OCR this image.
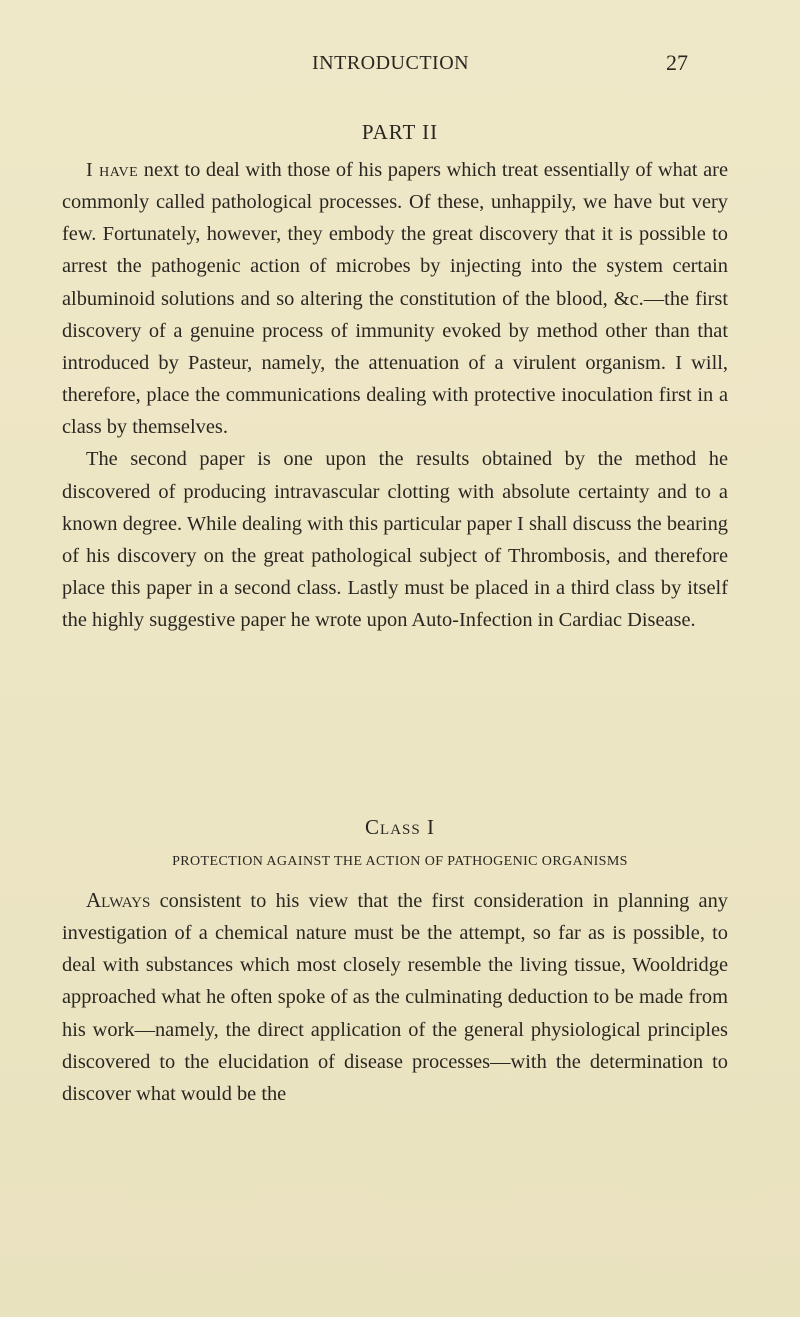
INTRODUCTION	27
PART II

I have next to deal with those of his papers which treat essentially of what are commonly called pathological processes. Of these, unhappily, we have but very few. Fortunately, however, they embody the great discovery that it is possible to arrest the pathogenic action of microbes by injecting into the system certain albuminoid solutions and so altering the constitution of the blood, &c.—the first discovery of a genuine process of immunity evoked by method other than that introduced by Pasteur, namely, the attenuation of a virulent organism. I will, therefore, place the communications dealing with protective inoculation first in a class by themselves.

The second paper is one upon the results obtained by the method he discovered of producing intravascular clotting with absolute certainty and to a known degree. While dealing with this particular paper I shall discuss the bearing of his discovery on the great pathological subject of Thrombosis, and therefore place this paper in a second class. Lastly must be placed in a third class by itself the highly suggestive paper he wrote upon Auto-Infection in Cardiac Disease.

Class I
PROTECTION AGAINST THE ACTION OF PATHOGENIC ORGANISMS

Always consistent to his view that the first consideration in planning any investigation of a chemical nature must be the attempt, so far as is possible, to deal with substances which most closely resemble the living tissue, Wooldridge approached what he often spoke of as the culminating deduction to be made from his work—namely, the direct application of the general physiological principles discovered to the elucidation of disease processes—with the determination to discover what would be the
